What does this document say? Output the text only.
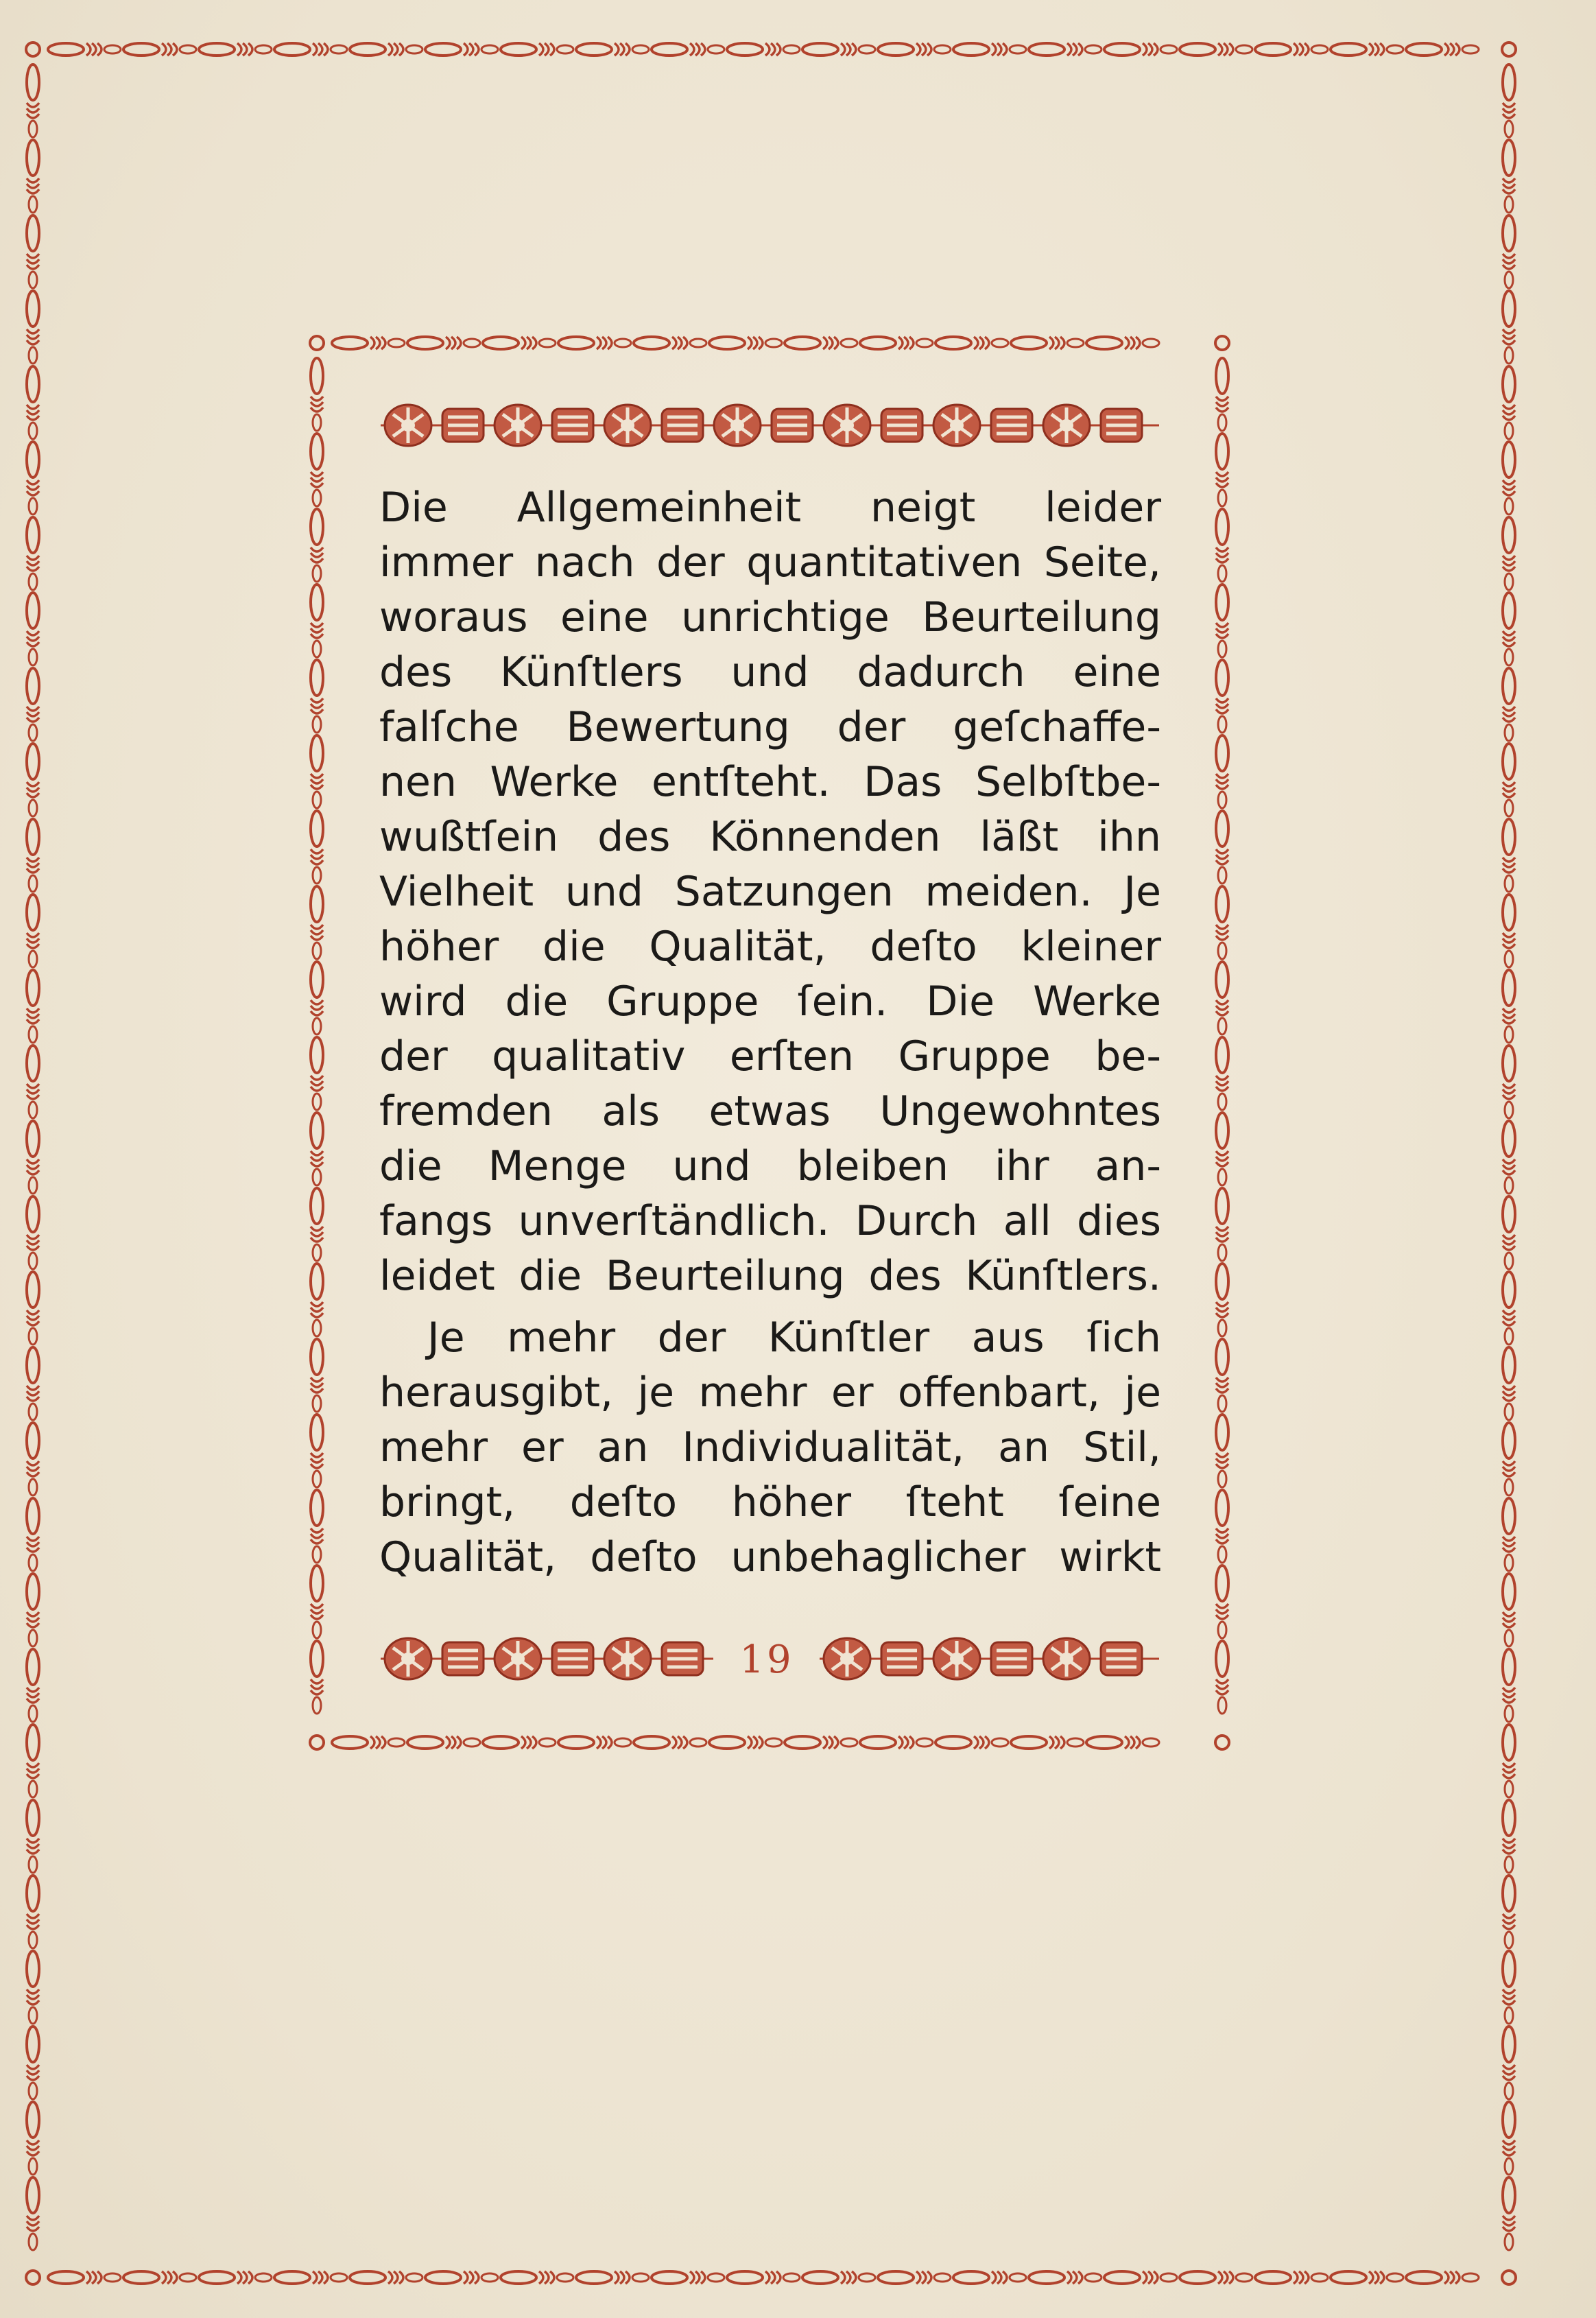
Die Allgemeinheit neigt leider
immer nach der quantitativen Seite,
woraus eine unrichtige Beurteilung
des Künſtlers und dadurch eine
falſche Bewertung der geſchaffe-
nen Werke entſteht. Das Selbſtbe-
wußtſein des Könnenden läßt ihn
Vielheit und Satzungen meiden. Je
höher die Qualität, deſto kleiner
wird die Gruppe ſein. Die Werke
der qualitativ erſten Gruppe be-
fremden als etwas Ungewohntes
die Menge und bleiben ihr an-
fangs unverſtändlich. Durch all dies
leidet die Beurteilung des Künſtlers.
Je mehr der Künſtler aus ſich
herausgibt, je mehr er offenbart, je
mehr er an Individualität, an Stil,
bringt, deſto höher ſteht ſeine
Qualität, deſto unbehaglicher wirkt
19
